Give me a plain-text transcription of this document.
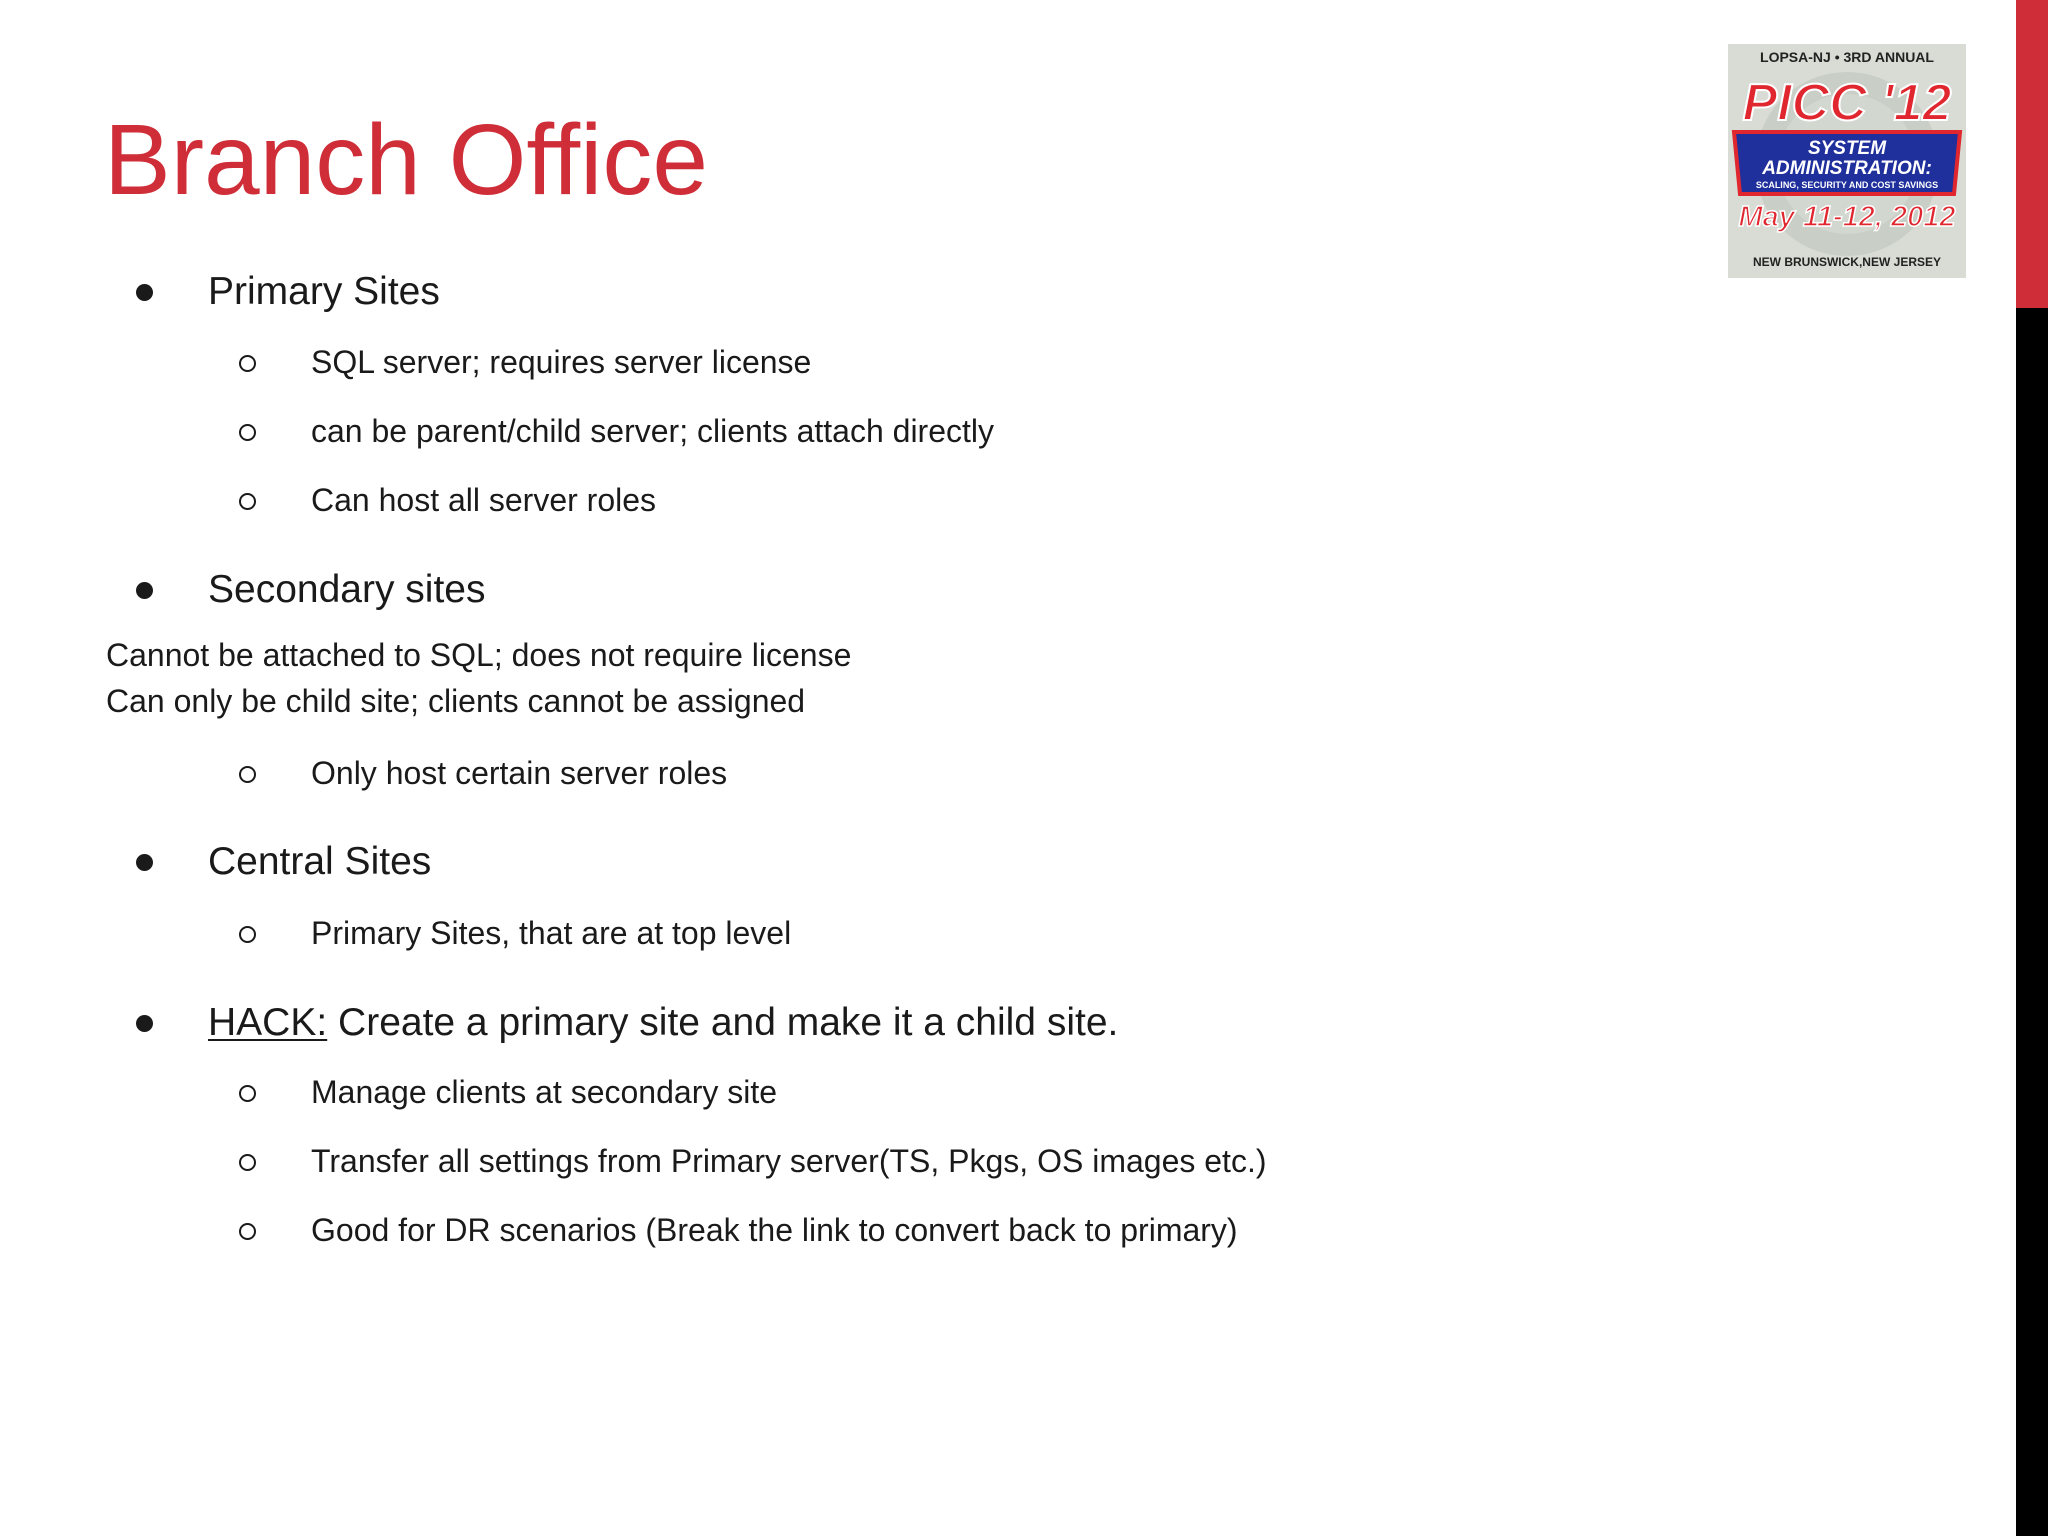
Branch Office
LOPSA-NJ • 3RD ANNUAL
PICC '12
SYSTEM
ADMINISTRATION:
SCALING, SECURITY AND COST SAVINGS
May 11-12, 2012
NEW BRUNSWICK,NEW JERSEY
Primary Sites
SQL server; requires server license
can be parent/child server; clients attach directly
Can host all server roles
Secondary sites
Cannot be attached to SQL; does not require license
Can only be child site; clients cannot be assigned
Only host certain server roles
Central Sites
Primary Sites, that are at top level
HACK: Create a primary site and make it a child site.
Manage clients at secondary site
Transfer all settings from Primary server(TS, Pkgs, OS images etc.)
Good for DR scenarios (Break the link to convert back to primary)
